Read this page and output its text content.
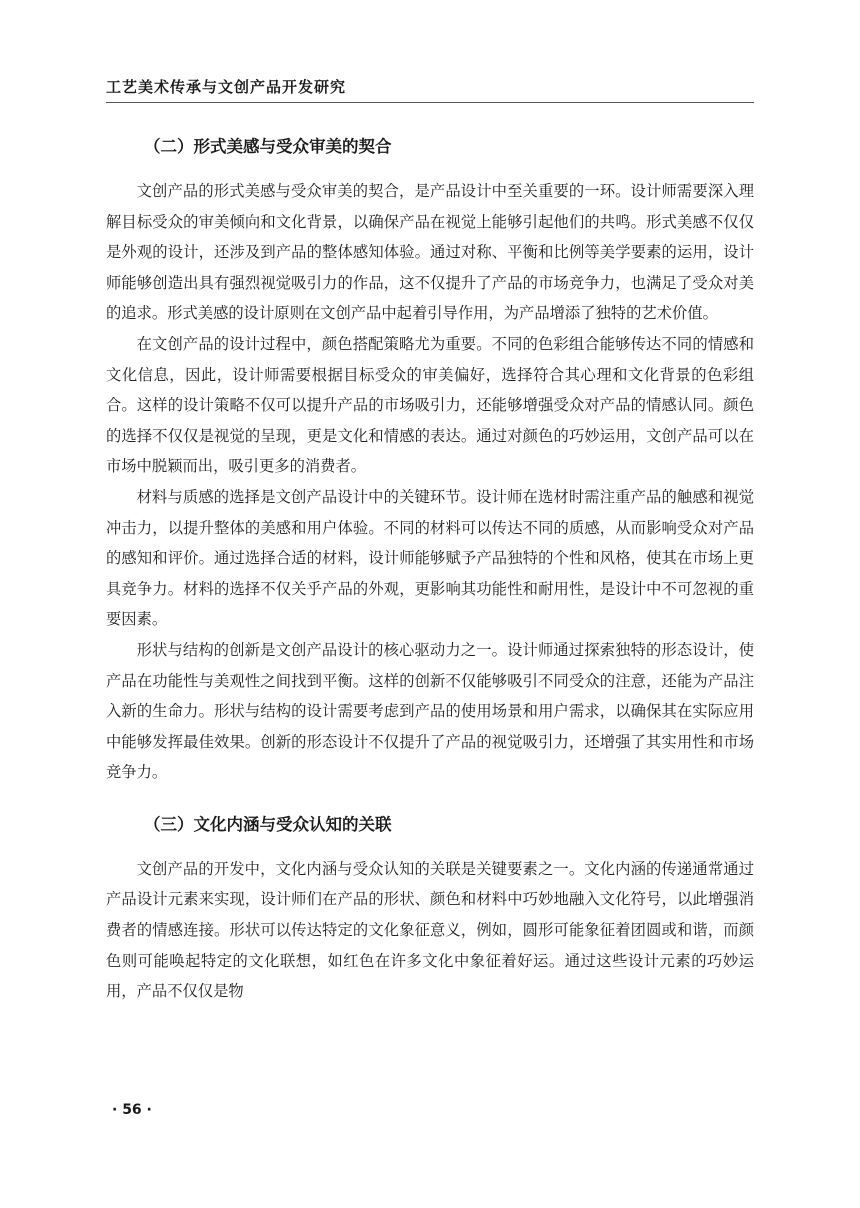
工艺美术传承与文创产品开发研究
（二）形式美感与受众审美的契合

文创产品的形式美感与受众审美的契合，是产品设计中至关重要的一环。设计师需要深入理解目标受众的审美倾向和文化背景，以确保产品在视觉上能够引起他们的共鸣。形式美感不仅仅是外观的设计，还涉及到产品的整体感知体验。通过对称、平衡和比例等美学要素的运用，设计师能够创造出具有强烈视觉吸引力的作品，这不仅提升了产品的市场竞争力，也满足了受众对美的追求。形式美感的设计原则在文创产品中起着引导作用，为产品增添了独特的艺术价值。

在文创产品的设计过程中，颜色搭配策略尤为重要。不同的色彩组合能够传达不同的情感和文化信息，因此，设计师需要根据目标受众的审美偏好，选择符合其心理和文化背景的色彩组合。这样的设计策略不仅可以提升产品的市场吸引力，还能够增强受众对产品的情感认同。颜色的选择不仅仅是视觉的呈现，更是文化和情感的表达。通过对颜色的巧妙运用，文创产品可以在市场中脱颖而出，吸引更多的消费者。

材料与质感的选择是文创产品设计中的关键环节。设计师在选材时需注重产品的触感和视觉冲击力，以提升整体的美感和用户体验。不同的材料可以传达不同的质感，从而影响受众对产品的感知和评价。通过选择合适的材料，设计师能够赋予产品独特的个性和风格，使其在市场上更具竞争力。材料的选择不仅关乎产品的外观，更影响其功能性和耐用性，是设计中不可忽视的重要因素。

形状与结构的创新是文创产品设计的核心驱动力之一。设计师通过探索独特的形态设计，使产品在功能性与美观性之间找到平衡。这样的创新不仅能够吸引不同受众的注意，还能为产品注入新的生命力。形状与结构的设计需要考虑到产品的使用场景和用户需求，以确保其在实际应用中能够发挥最佳效果。创新的形态设计不仅提升了产品的视觉吸引力，还增强了其实用性和市场竞争力。

（三）文化内涵与受众认知的关联

文创产品的开发中，文化内涵与受众认知的关联是关键要素之一。文化内涵的传递通常通过产品设计元素来实现，设计师们在产品的形状、颜色和材料中巧妙地融入文化符号，以此增强消费者的情感连接。形状可以传达特定的文化象征意义，例如，圆形可能象征着团圆或和谐，而颜色则可能唤起特定的文化联想，如红色在许多文化中象征着好运。通过这些设计元素的巧妙运用，产品不仅仅是物

· 56 ·
